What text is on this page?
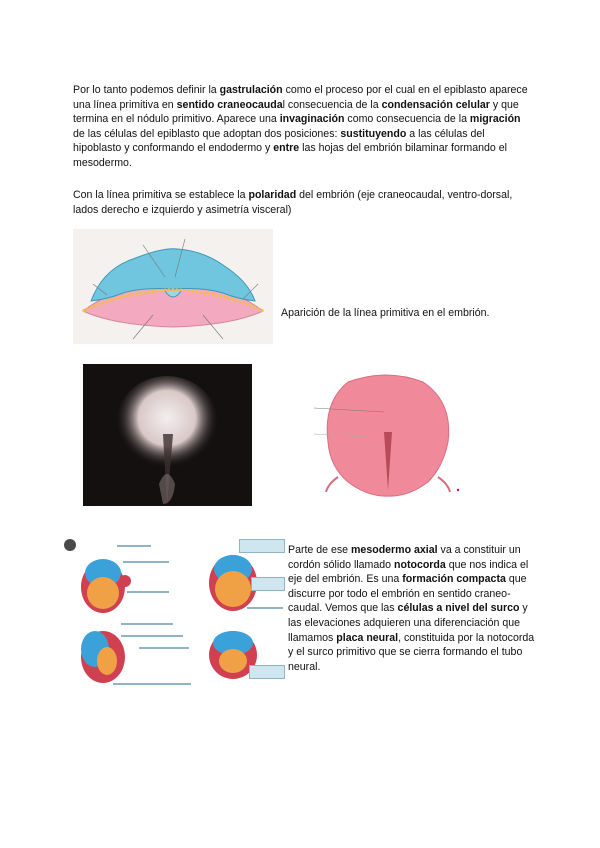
Por lo tanto podemos definir la gastrulación como el proceso por el cual en el epiblasto aparece una línea primitiva en sentido craneocaudal consecuencia de la condensación celular y que termina en el nódulo primitivo. Aparece una invaginación como consecuencia de la migración de las células del epiblasto que adoptan dos posiciones: sustituyendo a las células del hipoblasto y conformando el endodermo y entre las hojas del embrión bilaminar formando el mesodermo.

Con la línea primitiva se establece la polaridad del embrión (eje craneocaudal, ventro-dorsal, lados derecho e izquierdo y asimetría visceral)

Aparición de la línea primitiva en el embrión.

Parte de ese mesodermo axial va a constituir un cordón sólido llamado notocorda que nos indica el eje del embrión. Es una formación compacta que discurre por todo el embrión en sentido craneo-caudal. Vemos que las células a nivel del surco y las elevaciones adquieren una diferenciación que llamamos placa neural, constituida por la notocorda y el surco primitivo que se cierra formando el tubo neural.
